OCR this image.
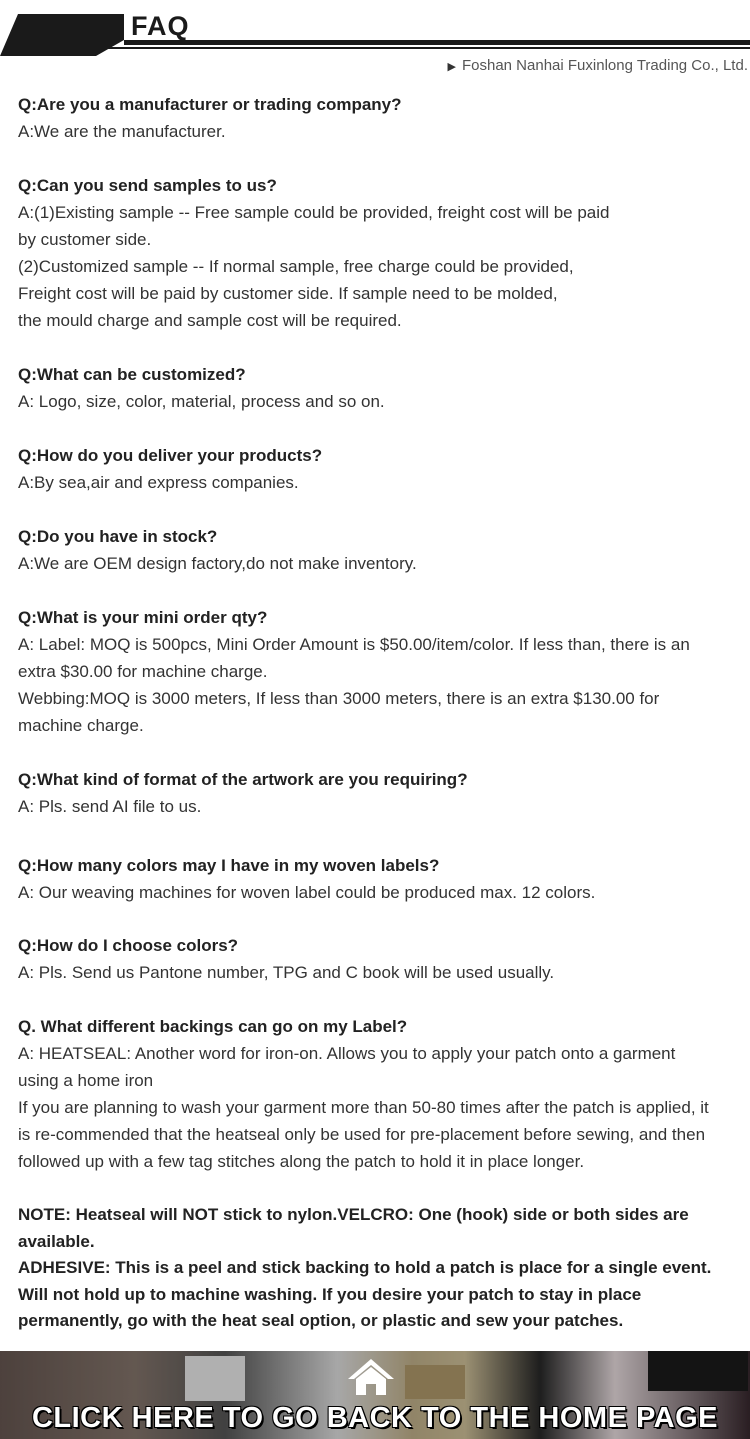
FAQ
▶ Foshan Nanhai Fuxinlong Trading Co., Ltd.
Q:Are you a manufacturer or trading company?
A:We are the manufacturer.
Q:Can you send samples to us?
A:(1)Existing sample -- Free sample could be provided, freight cost will be paid
by customer side.
(2)Customized sample -- If normal sample, free charge could be provided,
Freight cost will be paid by customer side. If sample need to be molded,
the mould charge and sample cost will be required.
Q:What can be customized?
A: Logo, size, color, material, process and so on.
Q:How do you deliver your products?
A:By sea,air and express companies.
Q:Do you have in stock?
A:We are OEM design factory,do not make inventory.
Q:What is your mini order qty?
A: Label: MOQ is 500pcs, Mini Order Amount is $50.00/item/color. If less than, there is an
extra $30.00 for machine charge.
Webbing:MOQ is 3000 meters, If less than 3000 meters, there is an extra $130.00 for
machine charge.
Q:What kind of format of the artwork are you requiring?
A: Pls. send AI file to us.
Q:How many colors may I have in my woven labels?
A: Our weaving machines for woven label could be produced max. 12 colors.
Q:How do I choose colors?
A: Pls. Send us Pantone number, TPG and C book will be used usually.
Q. What different backings can go on my Label?
A: HEATSEAL: Another word for iron-on. Allows you to apply your patch onto a garment
using a home iron
If you are planning to wash your garment more than 50-80 times after the patch is applied, it
is re-commended that the heatseal only be used for pre-placement before sewing, and then
followed up with a few tag stitches along the patch to hold it in place longer.
NOTE: Heatseal will NOT stick to nylon.VELCRO: One (hook) side or both sides are
available.
ADHESIVE: This is a peel and stick backing to hold a patch is place for a single event.
Will not hold up to machine washing. If you desire your patch to stay in place
permanently, go with the heat seal option, or plastic and sew your patches.
CLICK HERE TO GO BACK TO THE HOME PAGE
